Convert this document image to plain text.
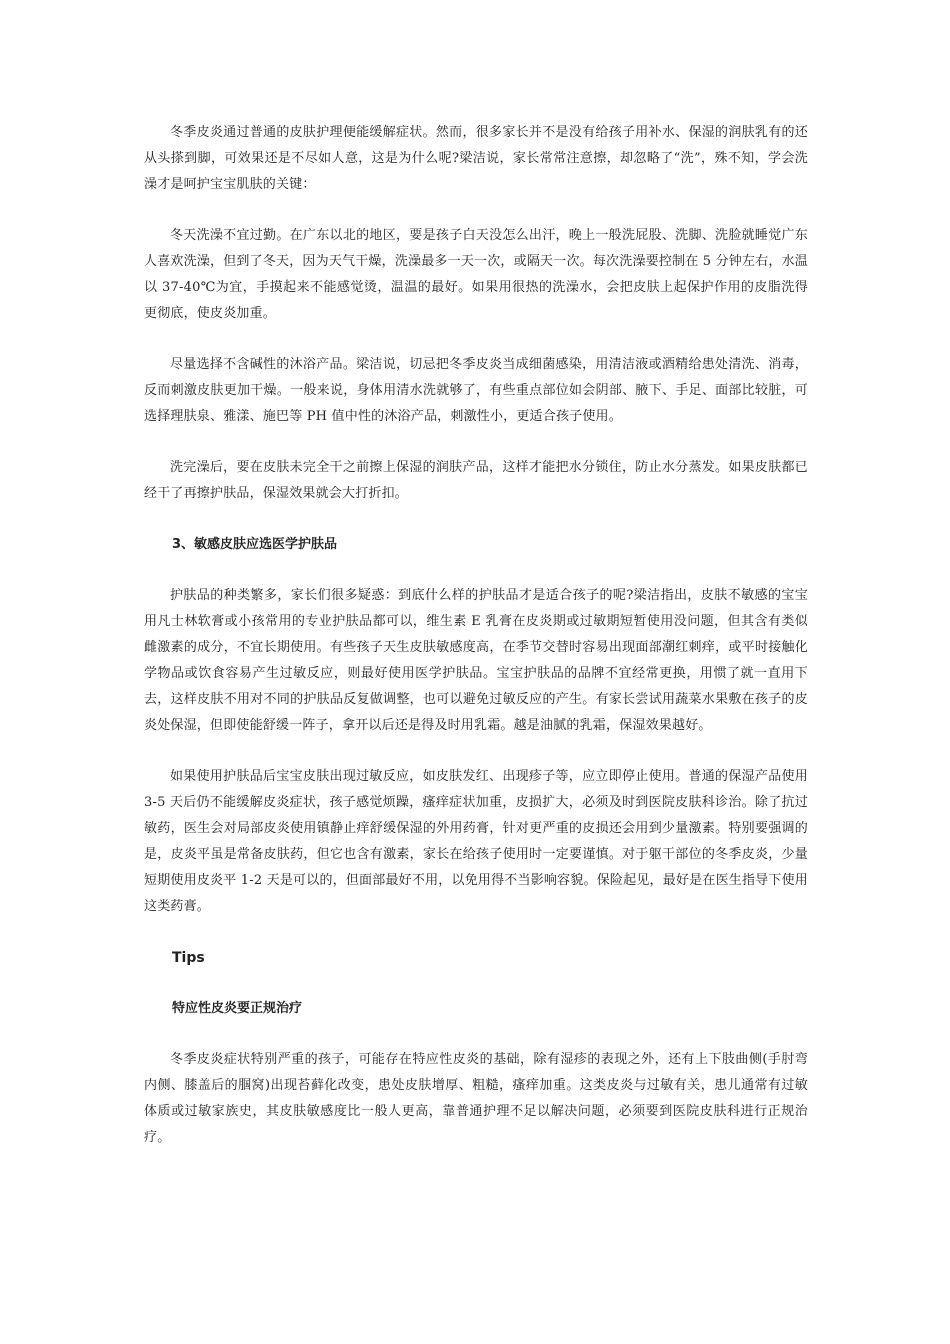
冬季皮炎通过普通的皮肤护理便能缓解症状。然而，很多家长并不是没有给孩子用补水、保湿的润肤乳有的还从头搽到脚，可效果还是不尽如人意，这是为什么呢?梁洁说，家长常常注意擦，却忽略了“洗”，殊不知，学会洗澡才是呵护宝宝肌肤的关键：

冬天洗澡不宜过勤。在广东以北的地区，要是孩子白天没怎么出汗，晚上一般洗屁股、洗脚、洗脸就睡觉广东人喜欢洗澡，但到了冬天，因为天气干燥，洗澡最多一天一次，或隔天一次。每次洗澡要控制在 5 分钟左右，水温以 37-40℃为宜，手摸起来不能感觉烫，温温的最好。如果用很热的洗澡水，会把皮肤上起保护作用的皮脂洗得更彻底，使皮炎加重。

尽量选择不含碱性的沐浴产品。梁洁说，切忌把冬季皮炎当成细菌感染，用清洁液或酒精给患处清洗、消毒，反而刺激皮肤更加干燥。一般来说，身体用清水洗就够了，有些重点部位如会阴部、腋下、手足、面部比较脏，可选择理肤泉、雅漾、施巴等 PH 值中性的沐浴产品，刺激性小，更适合孩子使用。

洗完澡后，要在皮肤未完全干之前擦上保湿的润肤产品，这样才能把水分锁住，防止水分蒸发。如果皮肤都已经干了再擦护肤品，保湿效果就会大打折扣。

3、敏感皮肤应选医学护肤品

护肤品的种类繁多，家长们很多疑惑：到底什么样的护肤品才是适合孩子的呢?梁洁指出，皮肤不敏感的宝宝用凡士林软膏或小孩常用的专业护肤品都可以，维生素 E 乳膏在皮炎期或过敏期短暂使用没问题，但其含有类似雌激素的成分，不宜长期使用。有些孩子天生皮肤敏感度高，在季节交替时容易出现面部潮红刺痒，或平时接触化学物品或饮食容易产生过敏反应，则最好使用医学护肤品。宝宝护肤品的品牌不宜经常更换，用惯了就一直用下去，这样皮肤不用对不同的护肤品反复做调整，也可以避免过敏反应的产生。有家长尝试用蔬菜水果敷在孩子的皮炎处保湿，但即使能舒缓一阵子，拿开以后还是得及时用乳霜。越是油腻的乳霜，保湿效果越好。

如果使用护肤品后宝宝皮肤出现过敏反应，如皮肤发红、出现疹子等，应立即停止使用。普通的保湿产品使用 3-5 天后仍不能缓解皮炎症状，孩子感觉烦躁，瘙痒症状加重，皮损扩大，必须及时到医院皮肤科诊治。除了抗过敏药，医生会对局部皮炎使用镇静止痒舒缓保湿的外用药膏，针对更严重的皮损还会用到少量激素。特别要强调的是，皮炎平虽是常备皮肤药，但它也含有激素，家长在给孩子使用时一定要谨慎。对于躯干部位的冬季皮炎，少量短期使用皮炎平 1-2 天是可以的，但面部最好不用，以免用得不当影响容貌。保险起见，最好是在医生指导下使用这类药膏。

Tips

特应性皮炎要正规治疗

冬季皮炎症状特别严重的孩子，可能存在特应性皮炎的基础，除有湿疹的表现之外，还有上下肢曲侧(手肘弯内侧、膝盖后的腘窝)出现苔藓化改变，患处皮肤增厚、粗糙，瘙痒加重。这类皮炎与过敏有关，患儿通常有过敏体质或过敏家族史，其皮肤敏感度比一般人更高，靠普通护理不足以解决问题，必须要到医院皮肤科进行正规治疗。
